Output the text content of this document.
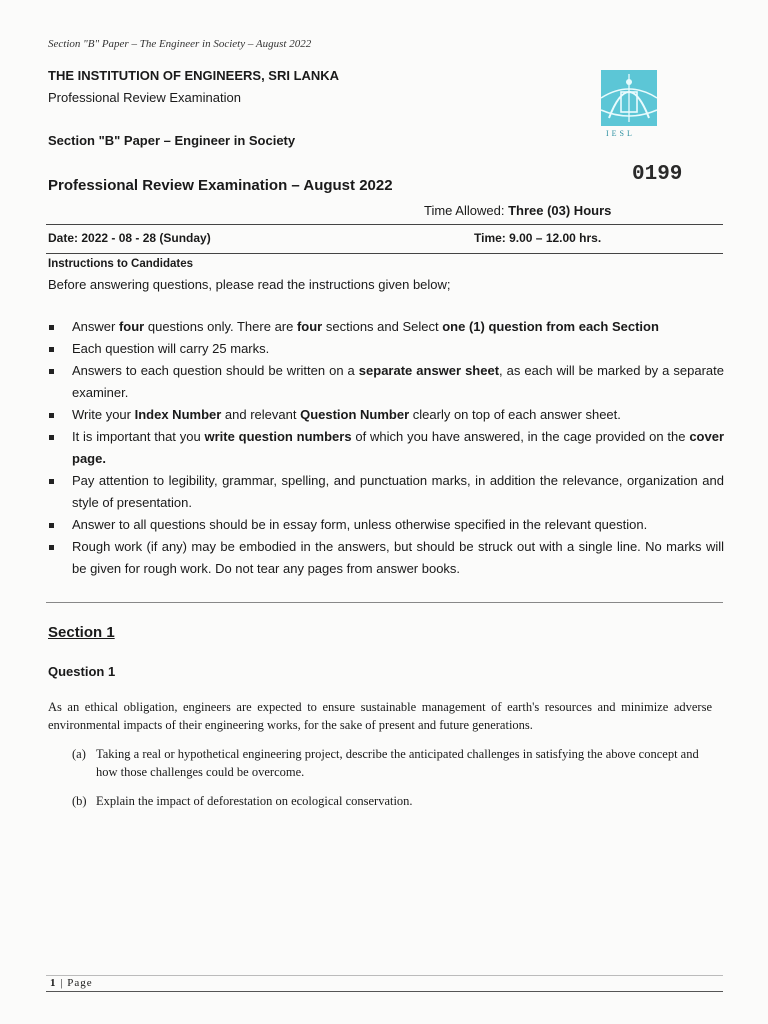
Section "B" Paper – The Engineer in Society – August 2022
THE INSTITUTION OF ENGINEERS, SRI LANKA
Professional Review Examination
Section "B" Paper – Engineer in Society	IESL
0199
Professional Review Examination – August 2022
Time Allowed: Three (03) Hours
Date: 2022 - 08 - 28 (Sunday)	Time: 9.00 – 12.00 hrs.
Instructions to Candidates
Before answering questions, please read the instructions given below;
Answer four questions only. There are four sections and Select one (1) question from each Section
Each question will carry 25 marks.
Answers to each question should be written on a separate answer sheet, as each will be marked by a separate examiner.
Write your Index Number and relevant Question Number clearly on top of each answer sheet.
It is important that you write question numbers of which you have answered, in the cage provided on the cover page.
Pay attention to legibility, grammar, spelling, and punctuation marks, in addition the relevance, organization and style of presentation.
Answer to all questions should be in essay form, unless otherwise specified in the relevant question.
Rough work (if any) may be embodied in the answers, but should be struck out with a single line. No marks will be given for rough work. Do not tear any pages from answer books.
Section 1
Question 1
As an ethical obligation, engineers are expected to ensure sustainable management of earth's resources and minimize adverse environmental impacts of their engineering works, for the sake of present and future generations.
(a) Taking a real or hypothetical engineering project, describe the anticipated challenges in satisfying the above concept and how those challenges could be overcome.
(b) Explain the impact of deforestation on ecological conservation.
1 | Page
